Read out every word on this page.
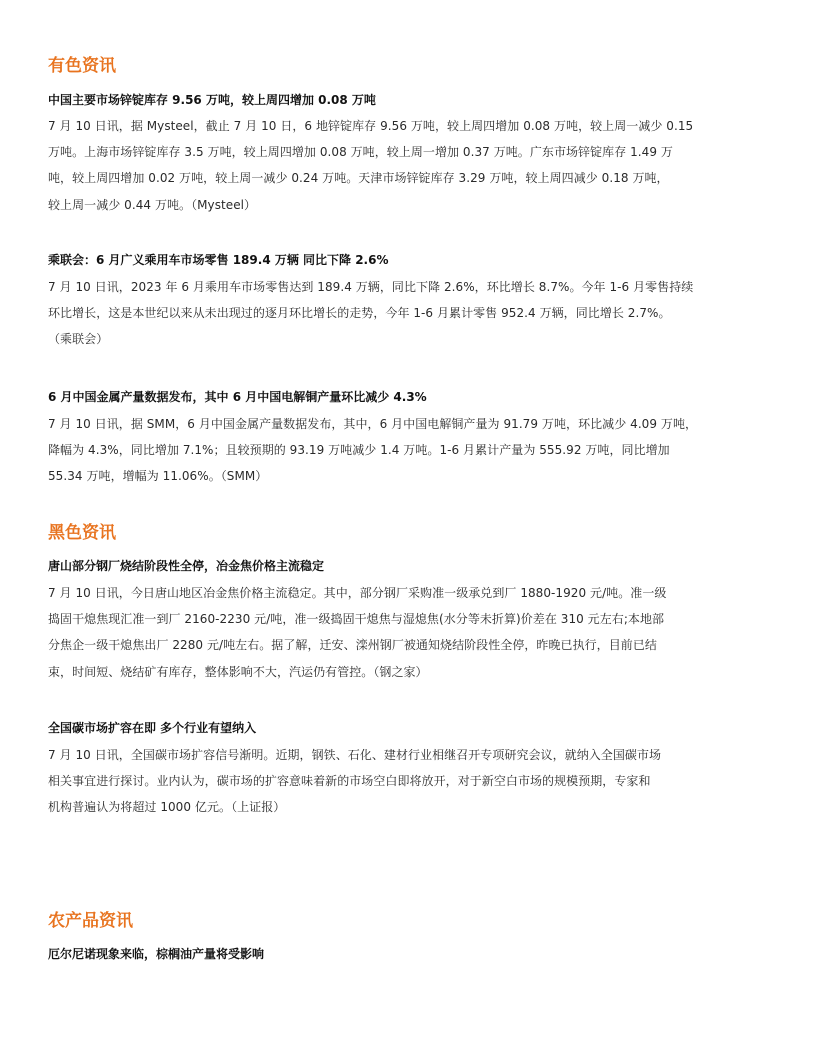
有色资讯
中国主要市场锌锭库存 9.56 万吨，较上周四增加 0.08 万吨
7 月 10 日讯，据 Mysteel，截止 7 月 10 日，6 地锌锭库存 9.56 万吨，较上周四增加 0.08 万吨，较上周一减少 0.15
万吨。上海市场锌锭库存 3.5 万吨，较上周四增加 0.08 万吨，较上周一增加 0.37 万吨。广东市场锌锭库存 1.49 万
吨，较上周四增加 0.02 万吨，较上周一减少 0.24 万吨。天津市场锌锭库存 3.29 万吨，较上周四减少 0.18 万吨，
较上周一减少 0.44 万吨。（Mysteel）
乘联会：6 月广义乘用车市场零售 189.4 万辆 同比下降 2.6%
7 月 10 日讯，2023 年 6 月乘用车市场零售达到 189.4 万辆，同比下降 2.6%，环比增长 8.7%。今年 1-6 月零售持续
环比增长，这是本世纪以来从未出现过的逐月环比增长的走势，今年 1-6 月累计零售 952.4 万辆，同比增长 2.7%。
（乘联会）
6 月中国金属产量数据发布，其中 6 月中国电解铜产量环比减少 4.3%
7 月 10 日讯，据 SMM，6 月中国金属产量数据发布，其中，6 月中国电解铜产量为 91.79 万吨，环比减少 4.09 万吨，
降幅为 4.3%，同比增加 7.1%；且较预期的 93.19 万吨减少 1.4 万吨。1-6 月累计产量为 555.92 万吨，同比增加
55.34 万吨，增幅为 11.06%。（SMM）
黑色资讯
唐山部分钢厂烧结阶段性全停，冶金焦价格主流稳定
7 月 10 日讯，今日唐山地区冶金焦价格主流稳定。其中，部分钢厂采购准一级承兑到厂 1880-1920 元/吨。准一级
捣固干熄焦现汇准一到厂 2160-2230 元/吨，准一级捣固干熄焦与湿熄焦(水分等未折算)价差在 310 元左右;本地部
分焦企一级干熄焦出厂 2280 元/吨左右。据了解，迁安、滦州钢厂被通知烧结阶段性全停，昨晚已执行，目前已结
束，时间短、烧结矿有库存，整体影响不大，汽运仍有管控。（钢之家）
全国碳市场扩容在即 多个行业有望纳入
7 月 10 日讯，全国碳市场扩容信号渐明。近期，钢铁、石化、建材行业相继召开专项研究会议，就纳入全国碳市场
相关事宜进行探讨。业内认为，碳市场的扩容意味着新的市场空白即将放开，对于新空白市场的规模预期，专家和
机构普遍认为将超过 1000 亿元。（上证报）
农产品资讯
厄尔尼诺现象来临，棕榈油产量将受影响
